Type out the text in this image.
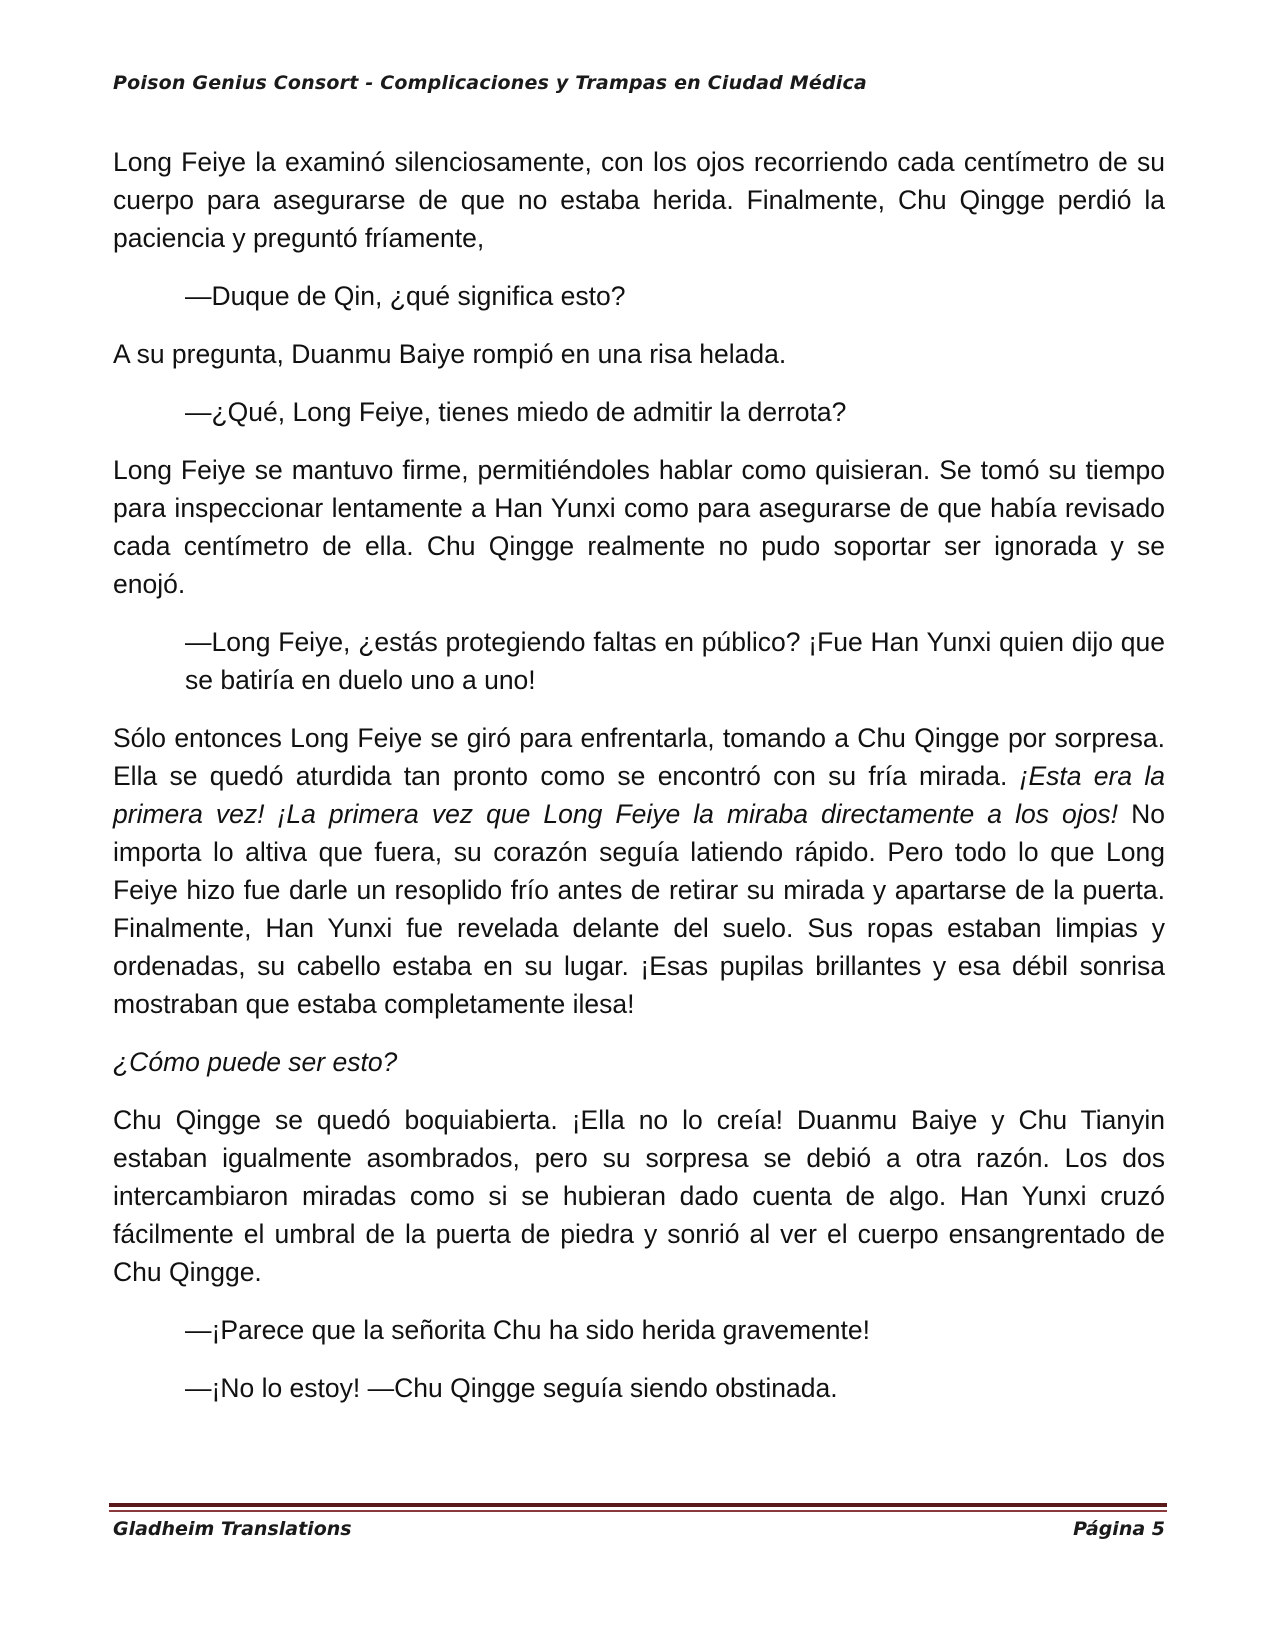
Poison Genius Consort - Complicaciones y Trampas en Ciudad Médica

Long Feiye la examinó silenciosamente, con los ojos recorriendo cada centímetro de su cuerpo para asegurarse de que no estaba herida. Finalmente, Chu Qingge perdió la paciencia y preguntó fríamente,

—Duque de Qin, ¿qué significa esto?

A su pregunta, Duanmu Baiye rompió en una risa helada.

—¿Qué, Long Feiye, tienes miedo de admitir la derrota?

Long Feiye se mantuvo firme, permitiéndoles hablar como quisieran. Se tomó su tiempo para inspeccionar lentamente a Han Yunxi como para asegurarse de que había revisado cada centímetro de ella. Chu Qingge realmente no pudo soportar ser ignorada y se enojó.

—Long Feiye, ¿estás protegiendo faltas en público? ¡Fue Han Yunxi quien dijo que se batiría en duelo uno a uno!

Sólo entonces Long Feiye se giró para enfrentarla, tomando a Chu Qingge por sorpresa. Ella se quedó aturdida tan pronto como se encontró con su fría mirada. ¡Esta era la primera vez! ¡La primera vez que Long Feiye la miraba directamente a los ojos! No importa lo altiva que fuera, su corazón seguía latiendo rápido. Pero todo lo que Long Feiye hizo fue darle un resoplido frío antes de retirar su mirada y apartarse de la puerta. Finalmente, Han Yunxi fue revelada delante del suelo. Sus ropas estaban limpias y ordenadas, su cabello estaba en su lugar. ¡Esas pupilas brillantes y esa débil sonrisa mostraban que estaba completamente ilesa!

¿Cómo puede ser esto?

Chu Qingge se quedó boquiabierta. ¡Ella no lo creía! Duanmu Baiye y Chu Tianyin estaban igualmente asombrados, pero su sorpresa se debió a otra razón. Los dos intercambiaron miradas como si se hubieran dado cuenta de algo. Han Yunxi cruzó fácilmente el umbral de la puerta de piedra y sonrió al ver el cuerpo ensangrentado de Chu Qingge.

—¡Parece que la señorita Chu ha sido herida gravemente!

—¡No lo estoy! —Chu Qingge seguía siendo obstinada.

Gladheim Translations	Página 5
